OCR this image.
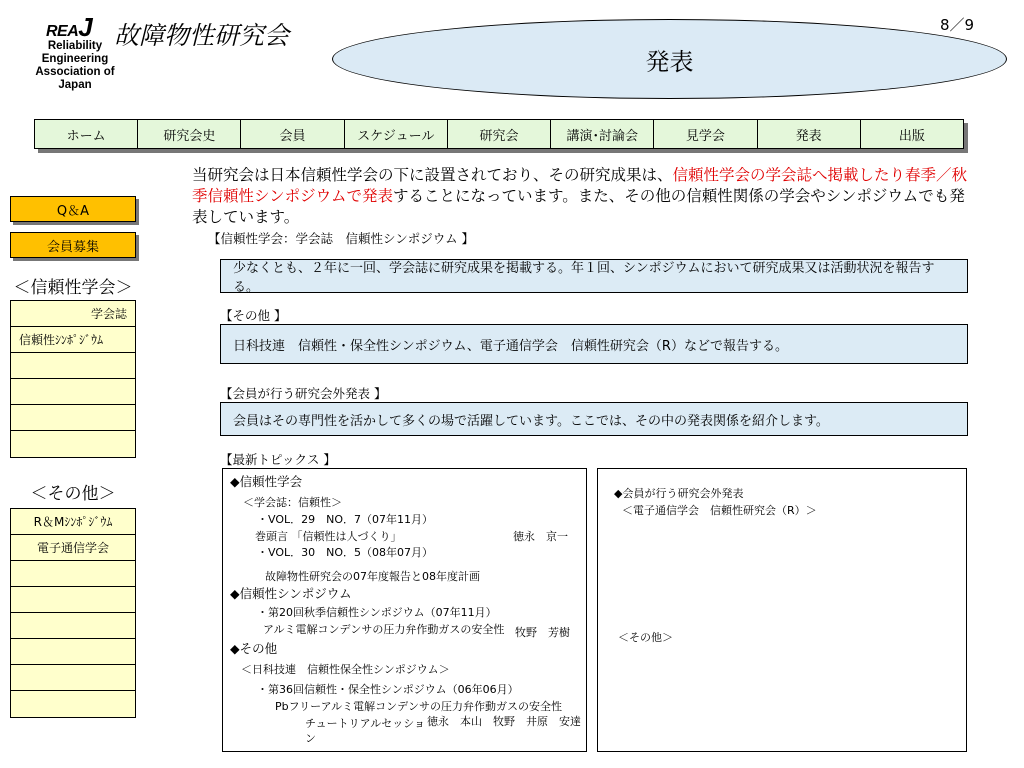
REAJ
Reliability
Engineering
Association of
Japan
故障物性研究会	8／9
発表
ホーム	研究会史	会員	スケジュール	研究会	講演･討論会	見学会	発表	出版
Q＆A
会員募集
＜信頼性学会＞
学会誌
信頼性ｼﾝﾎﾟｼﾞｳﾑ
＜その他＞
R＆Mｼﾝﾎﾟｼﾞｳﾑ
電子通信学会
当研究会は日本信頼性学会の下に設置されており、その研究成果は、信頼性学会の学会誌へ掲載したり春季／秋季信頼性シンポジウムで発表することになっています。また、その他の信頼性関係の学会やシンポジウムでも発表しています。
【信頼性学会：学会誌　信頼性シンポジウム 】
少なくとも、２年に一回、学会誌に研究成果を掲載する。年１回、シンポジウムにおいて研究成果又は活動状況を報告する。
【その他 】
日科技連　信頼性・保全性シンポジウム、電子通信学会　信頼性研究会（R）などで報告する。
【会員が行う研究会外発表 】
会員はその専門性を活かして多くの場で活躍しています。ここでは、その中の発表関係を紹介します。
【最新トピックス 】
◆信頼性学会
＜学会誌：信頼性＞
・VOL．29　NO．7（07年11月）
巻頭言 「信頼性は人づくり」	徳永　京一
・VOL．30　NO．5（08年07月）
故障物性研究会の07年度報告と08年度計画
◆信頼性シンポジウム
・第20回秋季信頼性シンポジウム（07年11月）
アルミ電解コンデンサの圧力弁作動ガスの安全性 牧野　芳樹
◆その他
＜日科技連　信頼性保全性シンポジウム＞
・第36回信頼性・保全性シンポジウム（06年06月）
Pbフリーアルミ電解コンデンサの圧力弁作動ガスの安全性
チュートリアルセッショ
ン
徳永　本山　牧野　井原　安達
◆会員が行う研究会外発表
＜電子通信学会　信頼性研究会（R）＞
＜その他＞
